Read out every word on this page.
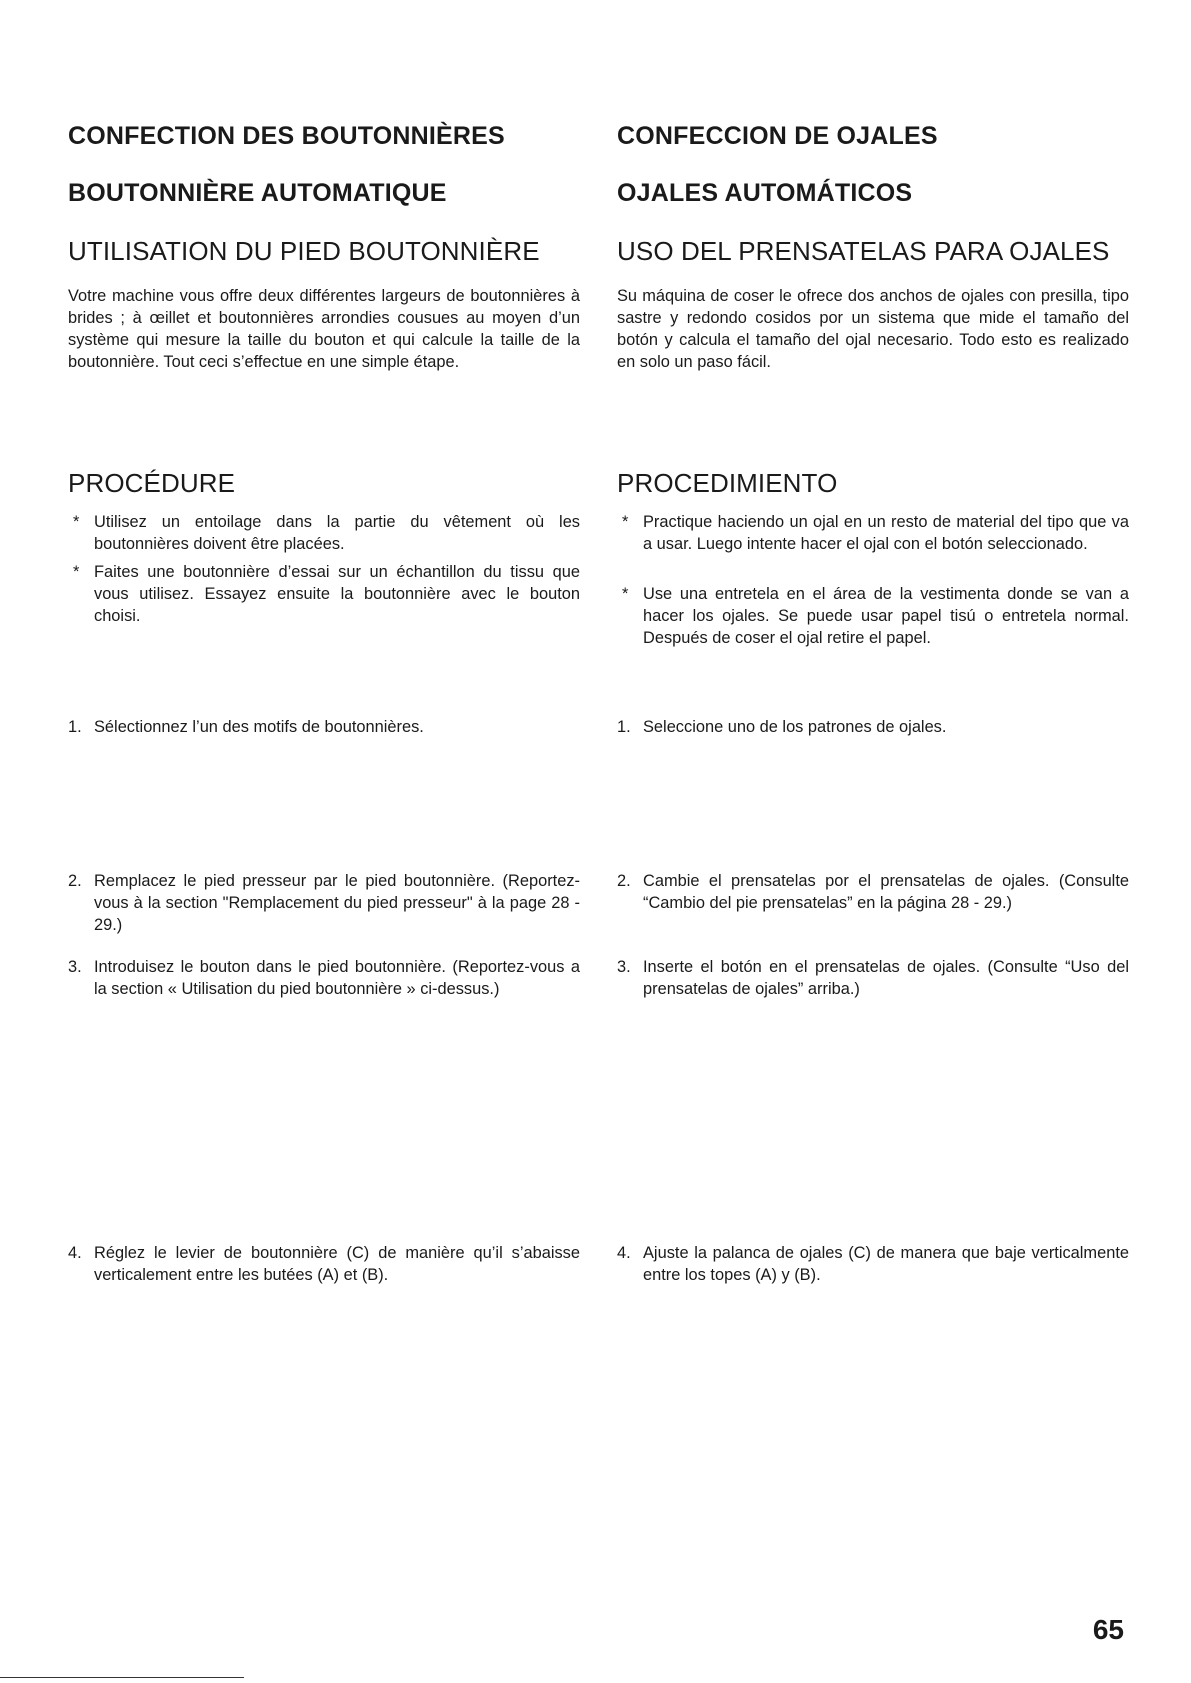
CONFECTION DES BOUTONNIÈRES
BOUTONNIÈRE AUTOMATIQUE
UTILISATION DU PIED BOUTONNIÈRE

Votre machine vous offre deux différentes largeurs de boutonnières à brides ; à œillet et boutonnières arrondies cousues au moyen d’un système qui mesure la taille du bouton et qui calcule la taille de la boutonnière. Tout ceci s’effectue en une simple étape.

PROCÉDURE
* Utilisez un entoilage dans la partie du vêtement où les boutonnières doivent être placées.
* Faites une boutonnière d’essai sur un échantillon du tissu que vous utilisez. Essayez ensuite la boutonnière avec le bouton choisi.
1. Sélectionnez l’un des motifs de boutonnières.
2. Remplacez le pied presseur par le pied boutonnière. (Reportez-vous à la section "Remplacement du pied presseur" à la page 28 - 29.)
3. Introduisez le bouton dans le pied boutonnière. (Reportez-vous a la section « Utilisation du pied boutonnière » ci-dessus.)
4. Réglez le levier de boutonnière (C) de manière qu’il s’abaisse verticalement entre les butées (A) et (B).
CONFECCION DE OJALES
OJALES AUTOMÁTICOS
USO DEL PRENSATELAS PARA OJALES

Su máquina de coser le ofrece dos anchos de ojales con presilla, tipo sastre y redondo cosidos por un sistema que mide el tamaño del botón y calcula el tamaño del ojal necesario. Todo esto es realizado en solo un paso fácil.

PROCEDIMIENTO
* Practique haciendo un ojal en un resto de material del tipo que va a usar. Luego intente hacer el ojal con el botón seleccionado.
* Use una entretela en el área de la vestimenta donde se van a hacer los ojales. Se puede usar papel tisú o entretela normal. Después de coser el ojal retire el papel.
1. Seleccione uno de los patrones de ojales.
2. Cambie el prensatelas por el prensatelas de ojales. (Consulte “Cambio del pie prensatelas” en la página 28 - 29.)
3. Inserte el botón en el prensatelas de ojales. (Consulte “Uso del prensatelas de ojales” arriba.)
4. Ajuste la palanca de ojales (C) de manera que baje verticalmente entre los topes (A) y (B).
65
